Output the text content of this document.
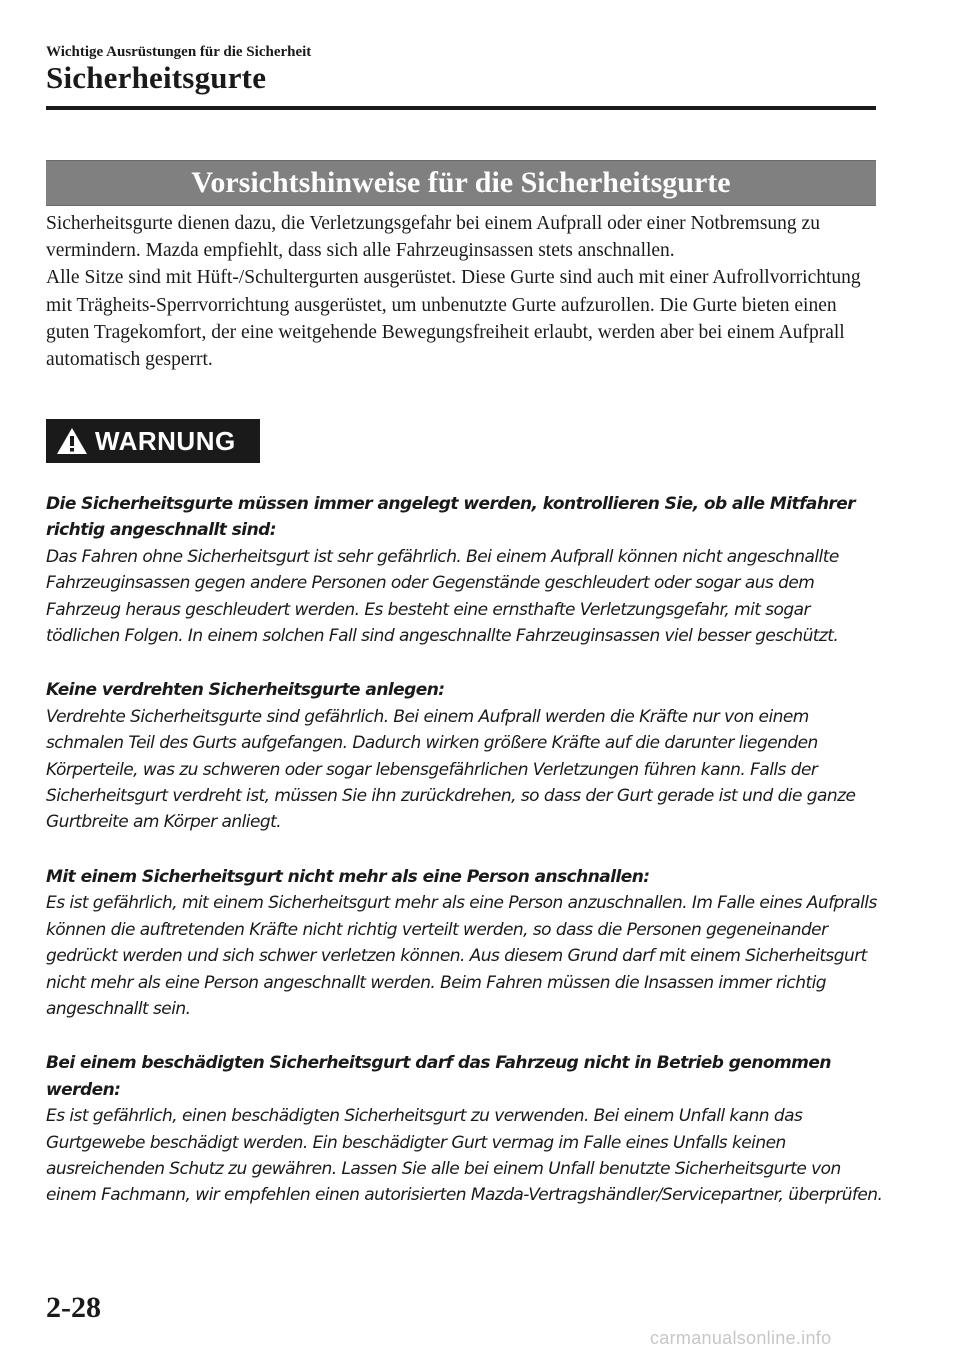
Wichtige Ausrüstungen für die Sicherheit
Sicherheitsgurte
Vorsichtshinweise für die Sicherheitsgurte

Sicherheitsgurte dienen dazu, die Verletzungsgefahr bei einem Aufprall oder einer Notbremsung zu vermindern. Mazda empfiehlt, dass sich alle Fahrzeuginsassen stets anschnallen.

Alle Sitze sind mit Hüft-/Schultergurten ausgerüstet. Diese Gurte sind auch mit einer Aufrollvorrichtung mit Trägheits-Sperrvorrichtung ausgerüstet, um unbenutzte Gurte aufzurollen. Die Gurte bieten einen guten Tragekomfort, der eine weitgehende Bewegungsfreiheit erlaubt, werden aber bei einem Aufprall automatisch gesperrt.

WARNUNG
Die Sicherheitsgurte müssen immer angelegt werden, kontrollieren Sie, ob alle Mitfahrer richtig angeschnallt sind:
Das Fahren ohne Sicherheitsgurt ist sehr gefährlich. Bei einem Aufprall können nicht angeschnallte Fahrzeuginsassen gegen andere Personen oder Gegenstände geschleudert oder sogar aus dem Fahrzeug heraus geschleudert werden. Es besteht eine ernsthafte Verletzungsgefahr, mit sogar tödlichen Folgen. In einem solchen Fall sind angeschnallte Fahrzeuginsassen viel besser geschützt.
Keine verdrehten Sicherheitsgurte anlegen:
Verdrehte Sicherheitsgurte sind gefährlich. Bei einem Aufprall werden die Kräfte nur von einem schmalen Teil des Gurts aufgefangen. Dadurch wirken größere Kräfte auf die darunter liegenden Körperteile, was zu schweren oder sogar lebensgefährlichen Verletzungen führen kann. Falls der Sicherheitsgurt verdreht ist, müssen Sie ihn zurückdrehen, so dass der Gurt gerade ist und die ganze Gurtbreite am Körper anliegt.
Mit einem Sicherheitsgurt nicht mehr als eine Person anschnallen:
Es ist gefährlich, mit einem Sicherheitsgurt mehr als eine Person anzuschnallen. Im Falle eines Aufpralls können die auftretenden Kräfte nicht richtig verteilt werden, so dass die Personen gegeneinander gedrückt werden und sich schwer verletzen können. Aus diesem Grund darf mit einem Sicherheitsgurt nicht mehr als eine Person angeschnallt werden. Beim Fahren müssen die Insassen immer richtig angeschnallt sein.
Bei einem beschädigten Sicherheitsgurt darf das Fahrzeug nicht in Betrieb genommen werden:
Es ist gefährlich, einen beschädigten Sicherheitsgurt zu verwenden. Bei einem Unfall kann das Gurtgewebe beschädigt werden. Ein beschädigter Gurt vermag im Falle eines Unfalls keinen ausreichenden Schutz zu gewähren. Lassen Sie alle bei einem Unfall benutzte Sicherheitsgurte von einem Fachmann, wir empfehlen einen autorisierten Mazda-Vertragshändler/Servicepartner, überprüfen.
2-28
carmanualsonline.info
